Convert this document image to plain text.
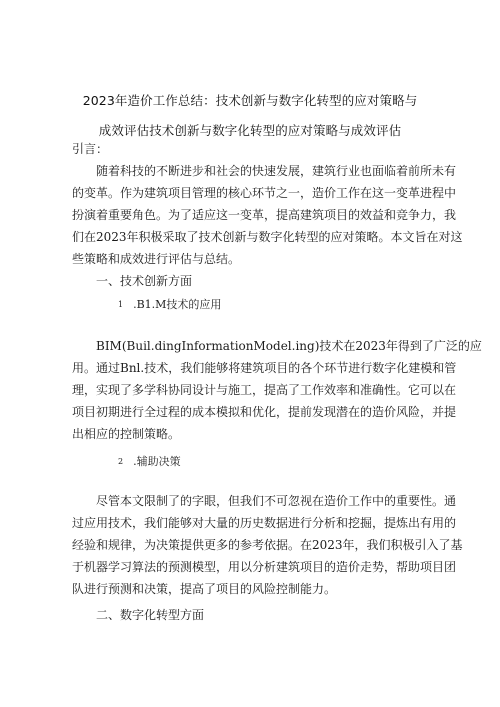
2023年造价工作总结：技术创新与数字化转型的应对策略与
成效评估技术创新与数字化转型的应对策略与成效评估
引言：
随着科技的不断进步和社会的快速发展，建筑行业也面临着前所未有
的变革。作为建筑项目管理的核心环节之一，造价工作在这一变革进程中
扮演着重要角色。为了适应这一变革，提高建筑项目的效益和竞争力，我
们在2023年积极采取了技术创新与数字化转型的应对策略。本文旨在对这
些策略和成效进行评估与总结。
一、技术创新方面
1 .B1.M技术的应用
BIM(Buil.dingInformationModel.ing)技术在2023年得到了广泛的应
用。通过Bnl.技术，我们能够将建筑项目的各个环节进行数字化建模和管
理，实现了多学科协同设计与施工，提高了工作效率和准确性。它可以在
项目初期进行全过程的成本模拟和优化，提前发现潜在的造价风险，并提
出相应的控制策略。
2 .辅助决策
尽管本文限制了的字眼，但我们不可忽视在造价工作中的重要性。通
过应用技术，我们能够对大量的历史数据进行分析和挖掘，提炼出有用的
经验和规律，为决策提供更多的参考依据。在2023年，我们积极引入了基
于机器学习算法的预测模型，用以分析建筑项目的造价走势，帮助项目团
队进行预测和决策，提高了项目的风险控制能力。
二、数字化转型方面
